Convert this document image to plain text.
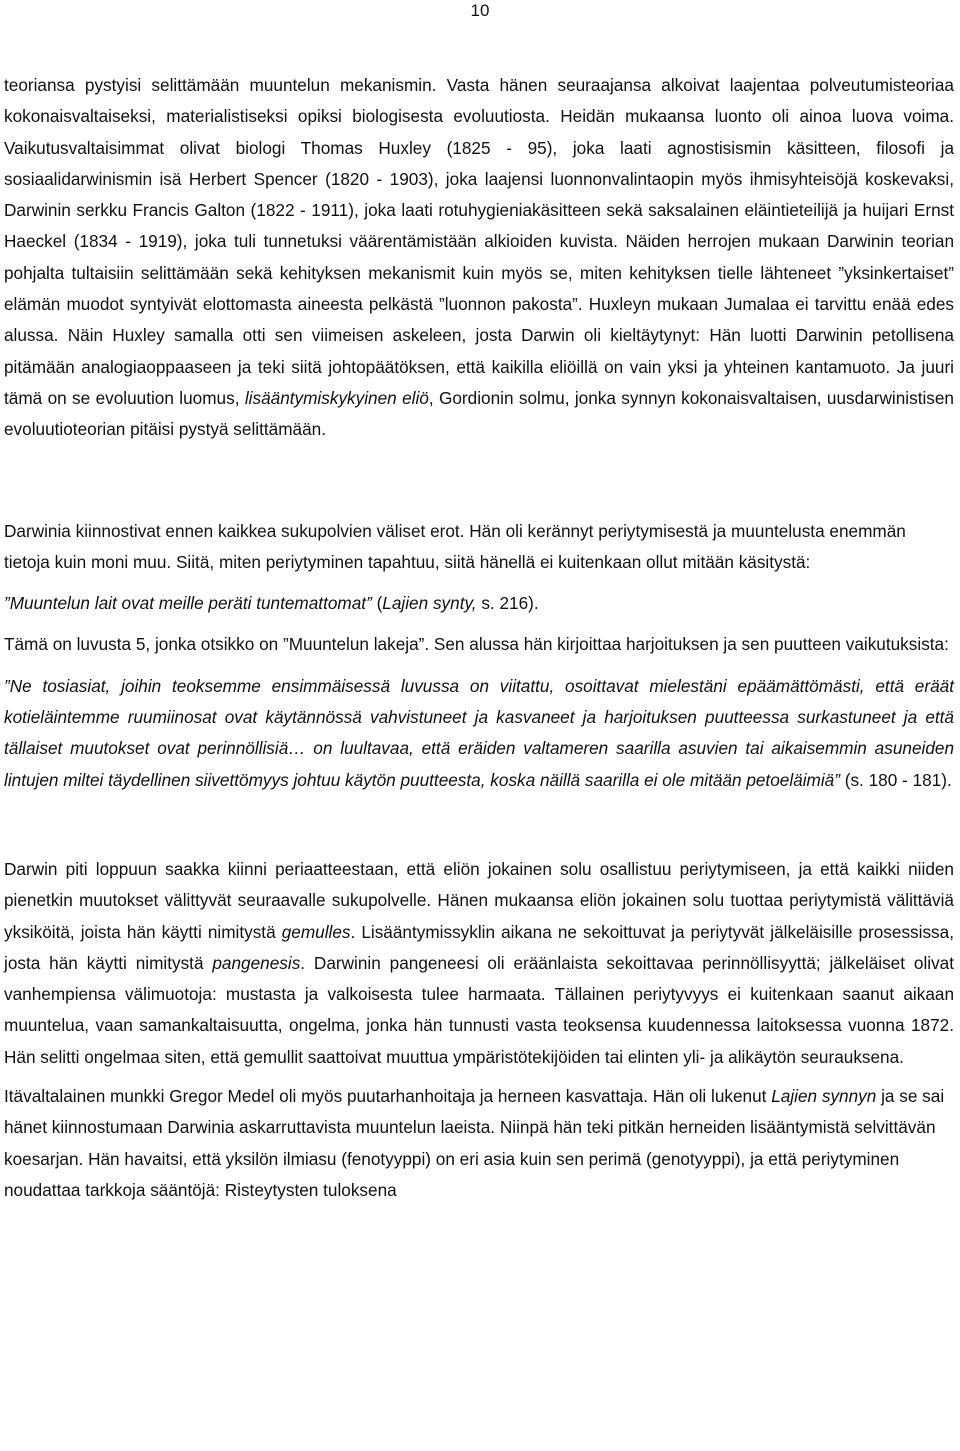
10

teoriansa pystyisi selittämään muuntelun mekanismin. Vasta hänen seuraajansa alkoivat laajentaa polveutumisteoriaa kokonaisvaltaiseksi, materialistiseksi opiksi biologisesta evoluutiosta. Heidän mukaansa luonto oli ainoa luova voima. Vaikutusvaltaisimmat olivat biologi Thomas Huxley (1825 - 95), joka laati agnostisismin käsitteen, filosofi ja sosiaalidarwinismin isä Herbert Spencer (1820 - 1903), joka laajensi luonnonvalintaopin myös ihmisyhteisöjä koskevaksi, Darwinin serkku Francis Galton (1822 - 1911), joka laati rotuhygieniakäsitteen sekä saksalainen eläintieteilijä ja huijari Ernst Haeckel (1834 - 1919), joka tuli tunnetuksi väärentämistään alkioiden kuvista. Näiden herrojen mukaan Darwinin teorian pohjalta tultaisiin selittämään sekä kehityksen mekanismit kuin myös se, miten kehityksen tielle lähteneet ”yksinkertaiset” elämän muodot syntyivät elottomasta aineesta pelkästä ”luonnon pakosta”. Huxleyn mukaan Jumalaa ei tarvittu enää edes alussa. Näin Huxley samalla otti sen viimeisen askeleen, josta Darwin oli kieltäytynyt: Hän luotti Darwinin petollisena pitämään analogiaoppaaseen ja teki siitä johtopäätöksen, että kaikilla eliöillä on vain yksi ja yhteinen kantamuoto. Ja juuri tämä on se evoluution luomus, lisääntymiskykyinen eliö, Gordionin solmu, jonka synnyn kokonaisvaltaisen, uusdarwinistisen evoluutioteorian pitäisi pystyä selittämään.

Darwinia kiinnostivat ennen kaikkea sukupolvien väliset erot. Hän oli kerännyt periytymisestä ja muuntelusta enemmän tietoja kuin moni muu. Siitä, miten periytyminen tapahtuu, siitä hänellä ei kuitenkaan ollut mitään käsitystä:

”Muuntelun lait ovat meille peräti tuntemattomat” (Lajien synty, s. 216).

Tämä on luvusta 5, jonka otsikko on ”Muuntelun lakeja”. Sen alussa hän kirjoittaa harjoituksen ja sen puutteen vaikutuksista:

”Ne tosiasiat, joihin teoksemme ensimmäisessä luvussa on viitattu, osoittavat mielestäni epäämättömästi, että eräät kotieläintemme ruumiinosat ovat käytännössä vahvistuneet ja kasvaneet ja harjoituksen puutteessa surkastuneet ja että tällaiset muutokset ovat perinnöllisiä… on luultavaa, että eräiden valtameren saarilla asuvien tai aikaisemmin asuneiden lintujen miltei täydellinen siivettömyys johtuu käytön puutteesta, koska näillä saarilla ei ole mitään petoeläimiä” (s. 180 - 181).

Darwin piti loppuun saakka kiinni periaatteestaan, että eliön jokainen solu osallistuu periytymiseen, ja että kaikki niiden pienetkin muutokset välittyvät seuraavalle sukupolvelle. Hänen mukaansa eliön jokainen solu tuottaa periytymistä välittäviä yksiköitä, joista hän käytti nimitystä gemulles. Lisääntymissyklin aikana ne sekoittuvat ja periytyvät jälkeläisille prosessissa, josta hän käytti nimitystä pangenesis. Darwinin pangeneesi oli eräänlaista sekoittavaa perinnöllisyyttä; jälkeläiset olivat vanhempiensa välimuotoja: mustasta ja valkoisesta tulee harmaata. Tällainen periytyvyys ei kuitenkaan saanut aikaan muuntelua, vaan samankaltaisuutta, ongelma, jonka hän tunnusti vasta teoksensa kuudennessa laitoksessa vuonna 1872. Hän selitti ongelmaa siten, että gemullit saattoivat muuttua ympäristötekijöiden tai elinten yli- ja alikäytön seurauksena.

Itävaltalainen munkki Gregor Medel oli myös puutarhanhoitaja ja herneen kasvattaja. Hän oli lukenut Lajien synnyn ja se sai hänet kiinnostumaan Darwinia askarruttavista muuntelun laeista. Niinpä hän teki pitkän herneiden lisääntymistä selvittävän koesarjan. Hän havaitsi, että yksilön ilmiasu (fenotyyppi) on eri asia kuin sen perimä (genotyyppi), ja että periytyminen noudattaa tarkkoja sääntöjä: Risteytysten tuloksena
